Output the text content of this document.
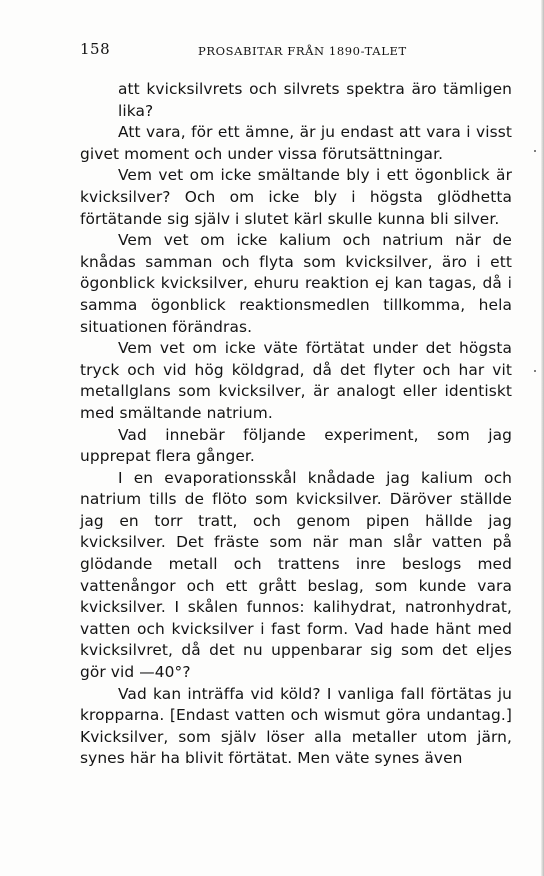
158	PROSABITAR FRÅN 1890-TALET

att kvicksilvrets och silvrets spektra äro tämligen lika?

Att vara, för ett ämne, är ju endast att vara i visst givet moment och under vissa förutsättningar.

Vem vet om icke smältande bly i ett ögonblick är kvicksilver? Och om icke bly i högsta glödhetta förtätande sig själv i slutet kärl skulle kunna bli silver.

Vem vet om icke kalium och natrium när de knådas samman och flyta som kvicksilver, äro i ett ögonblick kvicksilver, ehuru reaktion ej kan tagas, då i samma ögonblick reaktionsmedlen tillkomma, hela situationen förändras.

Vem vet om icke väte förtätat under det högsta tryck och vid hög köldgrad, då det flyter och har vit metallglans som kvicksilver, är analogt eller identiskt med smältande natrium.

Vad innebär följande experiment, som jag upprepat flera gånger.

I en evaporationsskål knådade jag kalium och natrium tills de flöto som kvicksilver. Däröver ställde jag en torr tratt, och genom pipen hällde jag kvicksilver. Det fräste som när man slår vatten på glödande metall och trattens inre beslogs med vattenångor och ett grått beslag, som kunde vara kvicksilver. I skålen funnos: kalihydrat, natronhydrat, vatten och kvicksilver i fast form. Vad hade hänt med kvicksilvret, då det nu uppenbarar sig som det eljes gör vid —40°?

Vad kan inträffa vid köld? I vanliga fall förtätas ju kropparna. [Endast vatten och wismut göra undantag.] Kvicksilver, som själv löser alla metaller utom järn, synes här ha blivit förtätat. Men väte synes även
